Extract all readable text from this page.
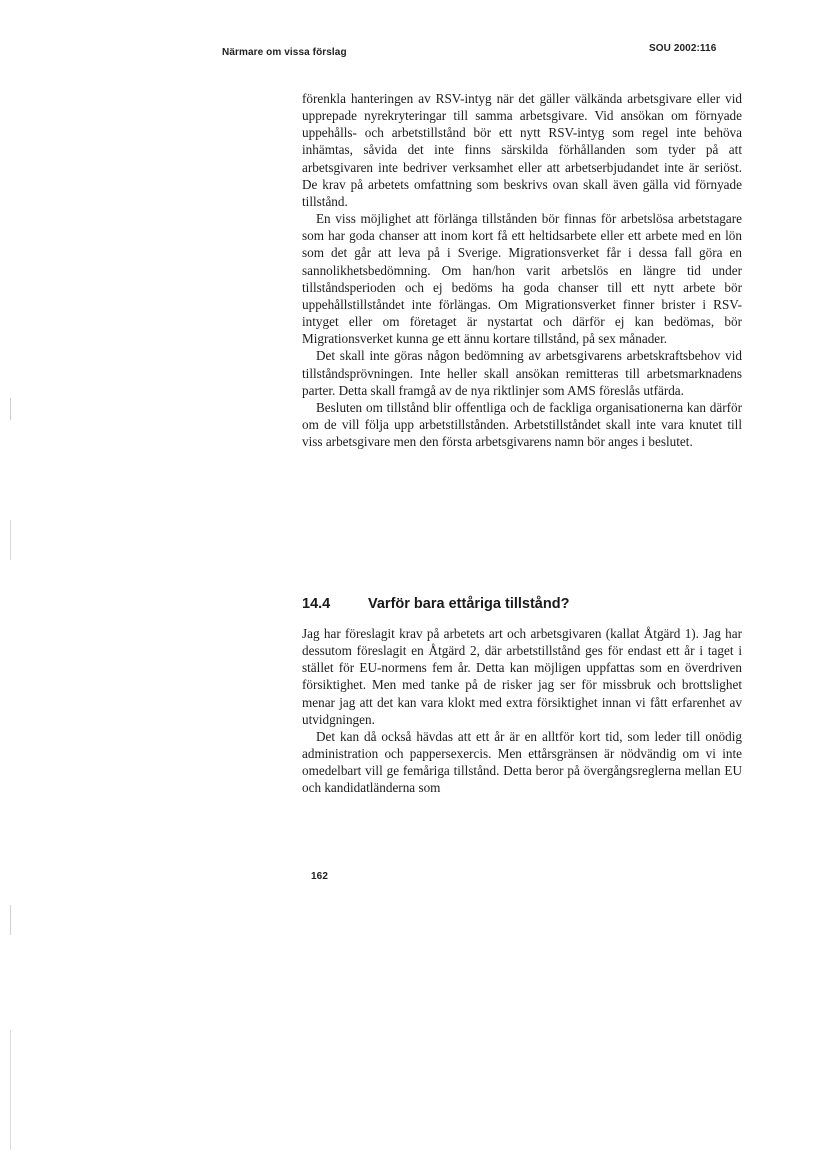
Närmare om vissa förslag	SOU 2002:116

förenkla hanteringen av RSV-intyg när det gäller välkända arbetsgivare eller vid upprepade nyrekryteringar till samma arbetsgivare. Vid ansökan om förnyade uppehålls- och arbetstillstånd bör ett nytt RSV-intyg som regel inte behöva inhämtas, såvida det inte finns särskilda förhållanden som tyder på att arbetsgivaren inte bedriver verksamhet eller att arbetserbjudandet inte är seriöst. De krav på arbetets omfattning som beskrivs ovan skall även gälla vid förnyade tillstånd.

En viss möjlighet att förlänga tillstånden bör finnas för arbetslösa arbetstagare som har goda chanser att inom kort få ett heltidsarbete eller ett arbete med en lön som det går att leva på i Sverige. Migrationsverket får i dessa fall göra en sannolikhetsbedömning. Om han/hon varit arbetslös en längre tid under tillståndsperioden och ej bedöms ha goda chanser till ett nytt arbete bör uppehållstillståndet inte förlängas. Om Migrationsverket finner brister i RSV-intyget eller om företaget är nystartat och därför ej kan bedömas, bör Migrationsverket kunna ge ett ännu kortare tillstånd, på sex månader.

Det skall inte göras någon bedömning av arbetsgivarens arbetskraftsbehov vid tillståndsprövningen. Inte heller skall ansökan remitteras till arbetsmarknadens parter. Detta skall framgå av de nya riktlinjer som AMS föreslås utfärda.

Besluten om tillstånd blir offentliga och de fackliga organisationerna kan därför om de vill följa upp arbetstillstånden. Arbetstillståndet skall inte vara knutet till viss arbetsgivare men den första arbetsgivarens namn bör anges i beslutet.

14.4	Varför bara ettåriga tillstånd?

Jag har föreslagit krav på arbetets art och arbetsgivaren (kallat Åtgärd 1). Jag har dessutom föreslagit en Åtgärd 2, där arbetstillstånd ges för endast ett år i taget i stället för EU-normens fem år. Detta kan möjligen uppfattas som en överdriven försiktighet. Men med tanke på de risker jag ser för missbruk och brottslighet menar jag att det kan vara klokt med extra försiktighet innan vi fått erfarenhet av utvidgningen.

Det kan då också hävdas att ett år är en alltför kort tid, som leder till onödig administration och pappersexercis. Men ettårsgränsen är nödvändig om vi inte omedelbart vill ge femåriga tillstånd. Detta beror på övergångsreglerna mellan EU och kandidatländerna som

162
